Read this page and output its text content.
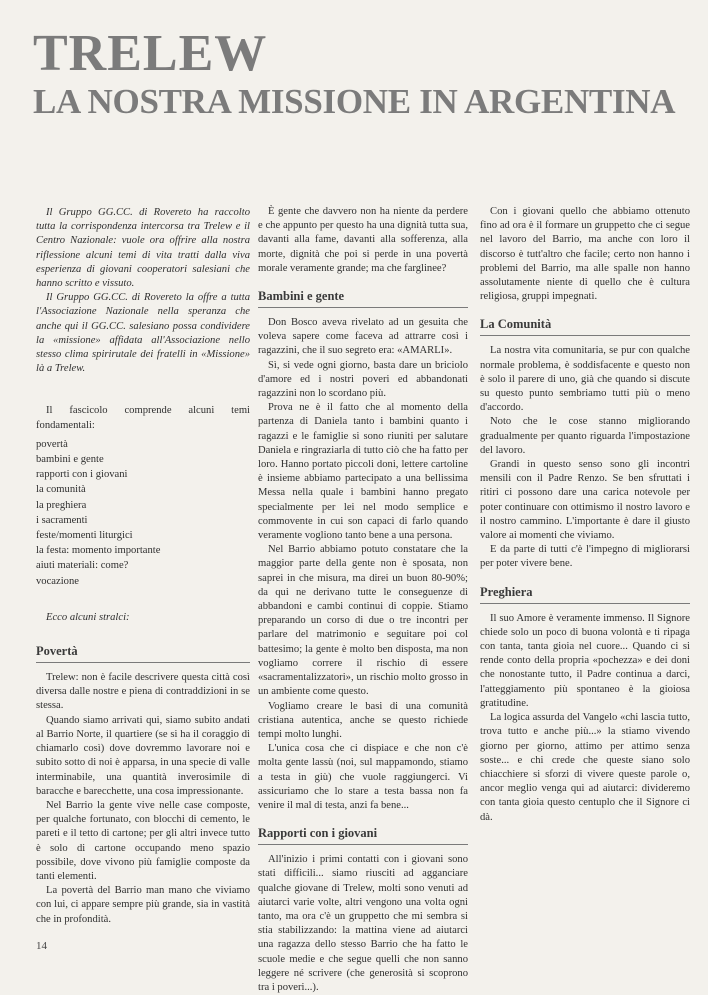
TRELEW
LA NOSTRA MISSIONE IN ARGENTINA

Il Gruppo GG.CC. di Rovereto ha raccolto tutta la corrispondenza intercorsa tra Trelew e il Centro Nazionale: vuole ora offrire alla nostra riflessione alcuni temi di vita tratti dalla viva esperienza di giovani cooperatori salesiani che hanno scritto e vissuto.

Il Gruppo GG.CC. di Rovereto la offre a tutta l'Associazione Nazionale nella speranza che anche qui il GG.CC. salesiano possa condividere la «missione» affidata all'Associazione nello stesso clima spirirutale dei fratelli in «Missione» là a Trelew.

Il fascicolo comprende alcuni temi fondamentali:

povertà
bambini e gente
rapporti con i giovani
la comunità
la preghiera
i sacramenti
feste/momenti liturgici
la festa: momento importante
aiuti materiali: come?
vocazione

Ecco alcuni stralci:

Povertà

Trelew: non è facile descrivere questa città così diversa dalle nostre e piena di contraddizioni in se stessa.

Quando siamo arrivati qui, siamo subito andati al Barrio Norte, il quartiere (se si ha il coraggio di chiamarlo così) dove dovremmo lavorare noi e subito sotto di noi è apparsa, in una specie di valle interminabile, una quantità inverosimile di baracche e barecchette, una cosa impressionante.

Nel Barrio la gente vive nelle case composte, per qualche fortunato, con blocchi di cemento, le pareti e il tetto di cartone; per gli altri invece tutto è solo di cartone occupando meno spazio possibile, dove vivono più famiglie composte da tanti elementi.

La povertà del Barrio man mano che viviamo con lui, ci appare sempre più grande, sia in vastità che in profondità.

È gente che davvero non ha niente da perdere e che appunto per questo ha una dignità tutta sua, davanti alla fame, davanti alla sofferenza, alla morte, dignità che poi si perde in una povertà morale veramente grande; ma che farglinee?

Bambini e gente

Don Bosco aveva rivelato ad un gesuita che voleva sapere come faceva ad attrarre così i ragazzini, che il suo segreto era: «AMARLI».

Sì, si vede ogni giorno, basta dare un briciolo d'amore ed i nostri poveri ed abbandonati ragazzini non lo scordano più.

Prova ne è il fatto che al momento della partenza di Daniela tanto i bambini quanto i ragazzi e le famiglie si sono riuniti per salutare Daniela e ringraziarla di tutto ciò che ha fatto per loro. Hanno portato piccoli doni, lettere cartoline è insieme abbiamo partecipato a una bellissima Messa nella quale i bambini hanno pregato specialmente per lei nel modo semplice e commovente in cui son capaci di farlo quando veramente vogliono tanto bene a una persona.

Nel Barrio abbiamo potuto constatare che la maggior parte della gente non è sposata, non saprei in che misura, ma direi un buon 80-90%; da qui ne derivano tutte le conseguenze di abbandoni e cambi continui di coppie. Stiamo preparando un corso di due o tre incontri per parlare del matrimonio e seguitare poi col battesimo; la gente è molto ben disposta, ma non vogliamo correre il rischio di essere «sacramentalizzatori», un rischio molto grosso in un ambiente come questo.

Vogliamo creare le basi di una comunità cristiana autentica, anche se questo richiede tempi molto lunghi.

L'unica cosa che ci dispiace e che non c'è molta gente lassù (noi, sul mappamondo, stiamo a testa in giù) che vuole raggiungerci. Vi assicuriamo che lo stare a testa bassa non fa venire il mal di testa, anzi fa bene...

Rapporti con i giovani

All'inizio i primi contatti con i giovani sono stati difficili... siamo riusciti ad agganciare qualche giovane di Trelew, molti sono venuti ad aiutarci varie volte, altri vengono una volta ogni tanto, ma ora c'è un gruppetto che mi sembra si stia stabilizzando: la mattina viene ad aiutarci una ragazza dello stesso Barrio che ha fatto le scuole medie e che segue quelli che non sanno leggere né scrivere (che generosità si scoprono tra i poveri...).

Con i giovani quello che abbiamo ottenuto fino ad ora è il formare un gruppetto che ci segue nel lavoro del Barrio, ma anche con loro il discorso è tutt'altro che facile; certo non hanno i problemi del Barrio, ma alle spalle non hanno assolutamente niente di quello che è cultura religiosa, gruppi impegnati.

La Comunità

La nostra vita comunitaria, se pur con qualche normale problema, è soddisfacente e questo non è solo il parere di uno, già che quando si discute su questo punto sembriamo tutti più o meno d'accordo.

Noto che le cose stanno migliorando gradualmente per quanto riguarda l'impostazione del lavoro.

Grandi in questo senso sono gli incontri mensili con il Padre Renzo. Se ben sfruttati i ritiri ci possono dare una carica notevole per poter continuare con ottimismo il nostro lavoro e il nostro cammino. L'importante è dare il giusto valore ai momenti che viviamo.

E da parte di tutti c'è l'impegno di migliorarsi per poter vivere bene.

Preghiera

Il suo Amore è veramente immenso. Il Signore chiede solo un poco di buona volontà e ti ripaga con tanta, tanta gioia nel cuore... Quando ci si rende conto della propria «pochezza» e dei doni che nonostante tutto, il Padre continua a darci, l'atteggiamento più spontaneo è la gioiosa gratitudine.

La logica assurda del Vangelo «chi lascia tutto, trova tutto e anche più...» la stiamo vivendo giorno per giorno, attimo per attimo senza soste... e chi crede che queste siano solo chiacchiere si sforzi di vivere queste parole o, ancor meglio venga qui ad aiutarci: divideremo con tanta gioia questo centuplo che il Signore ci dà.

14
